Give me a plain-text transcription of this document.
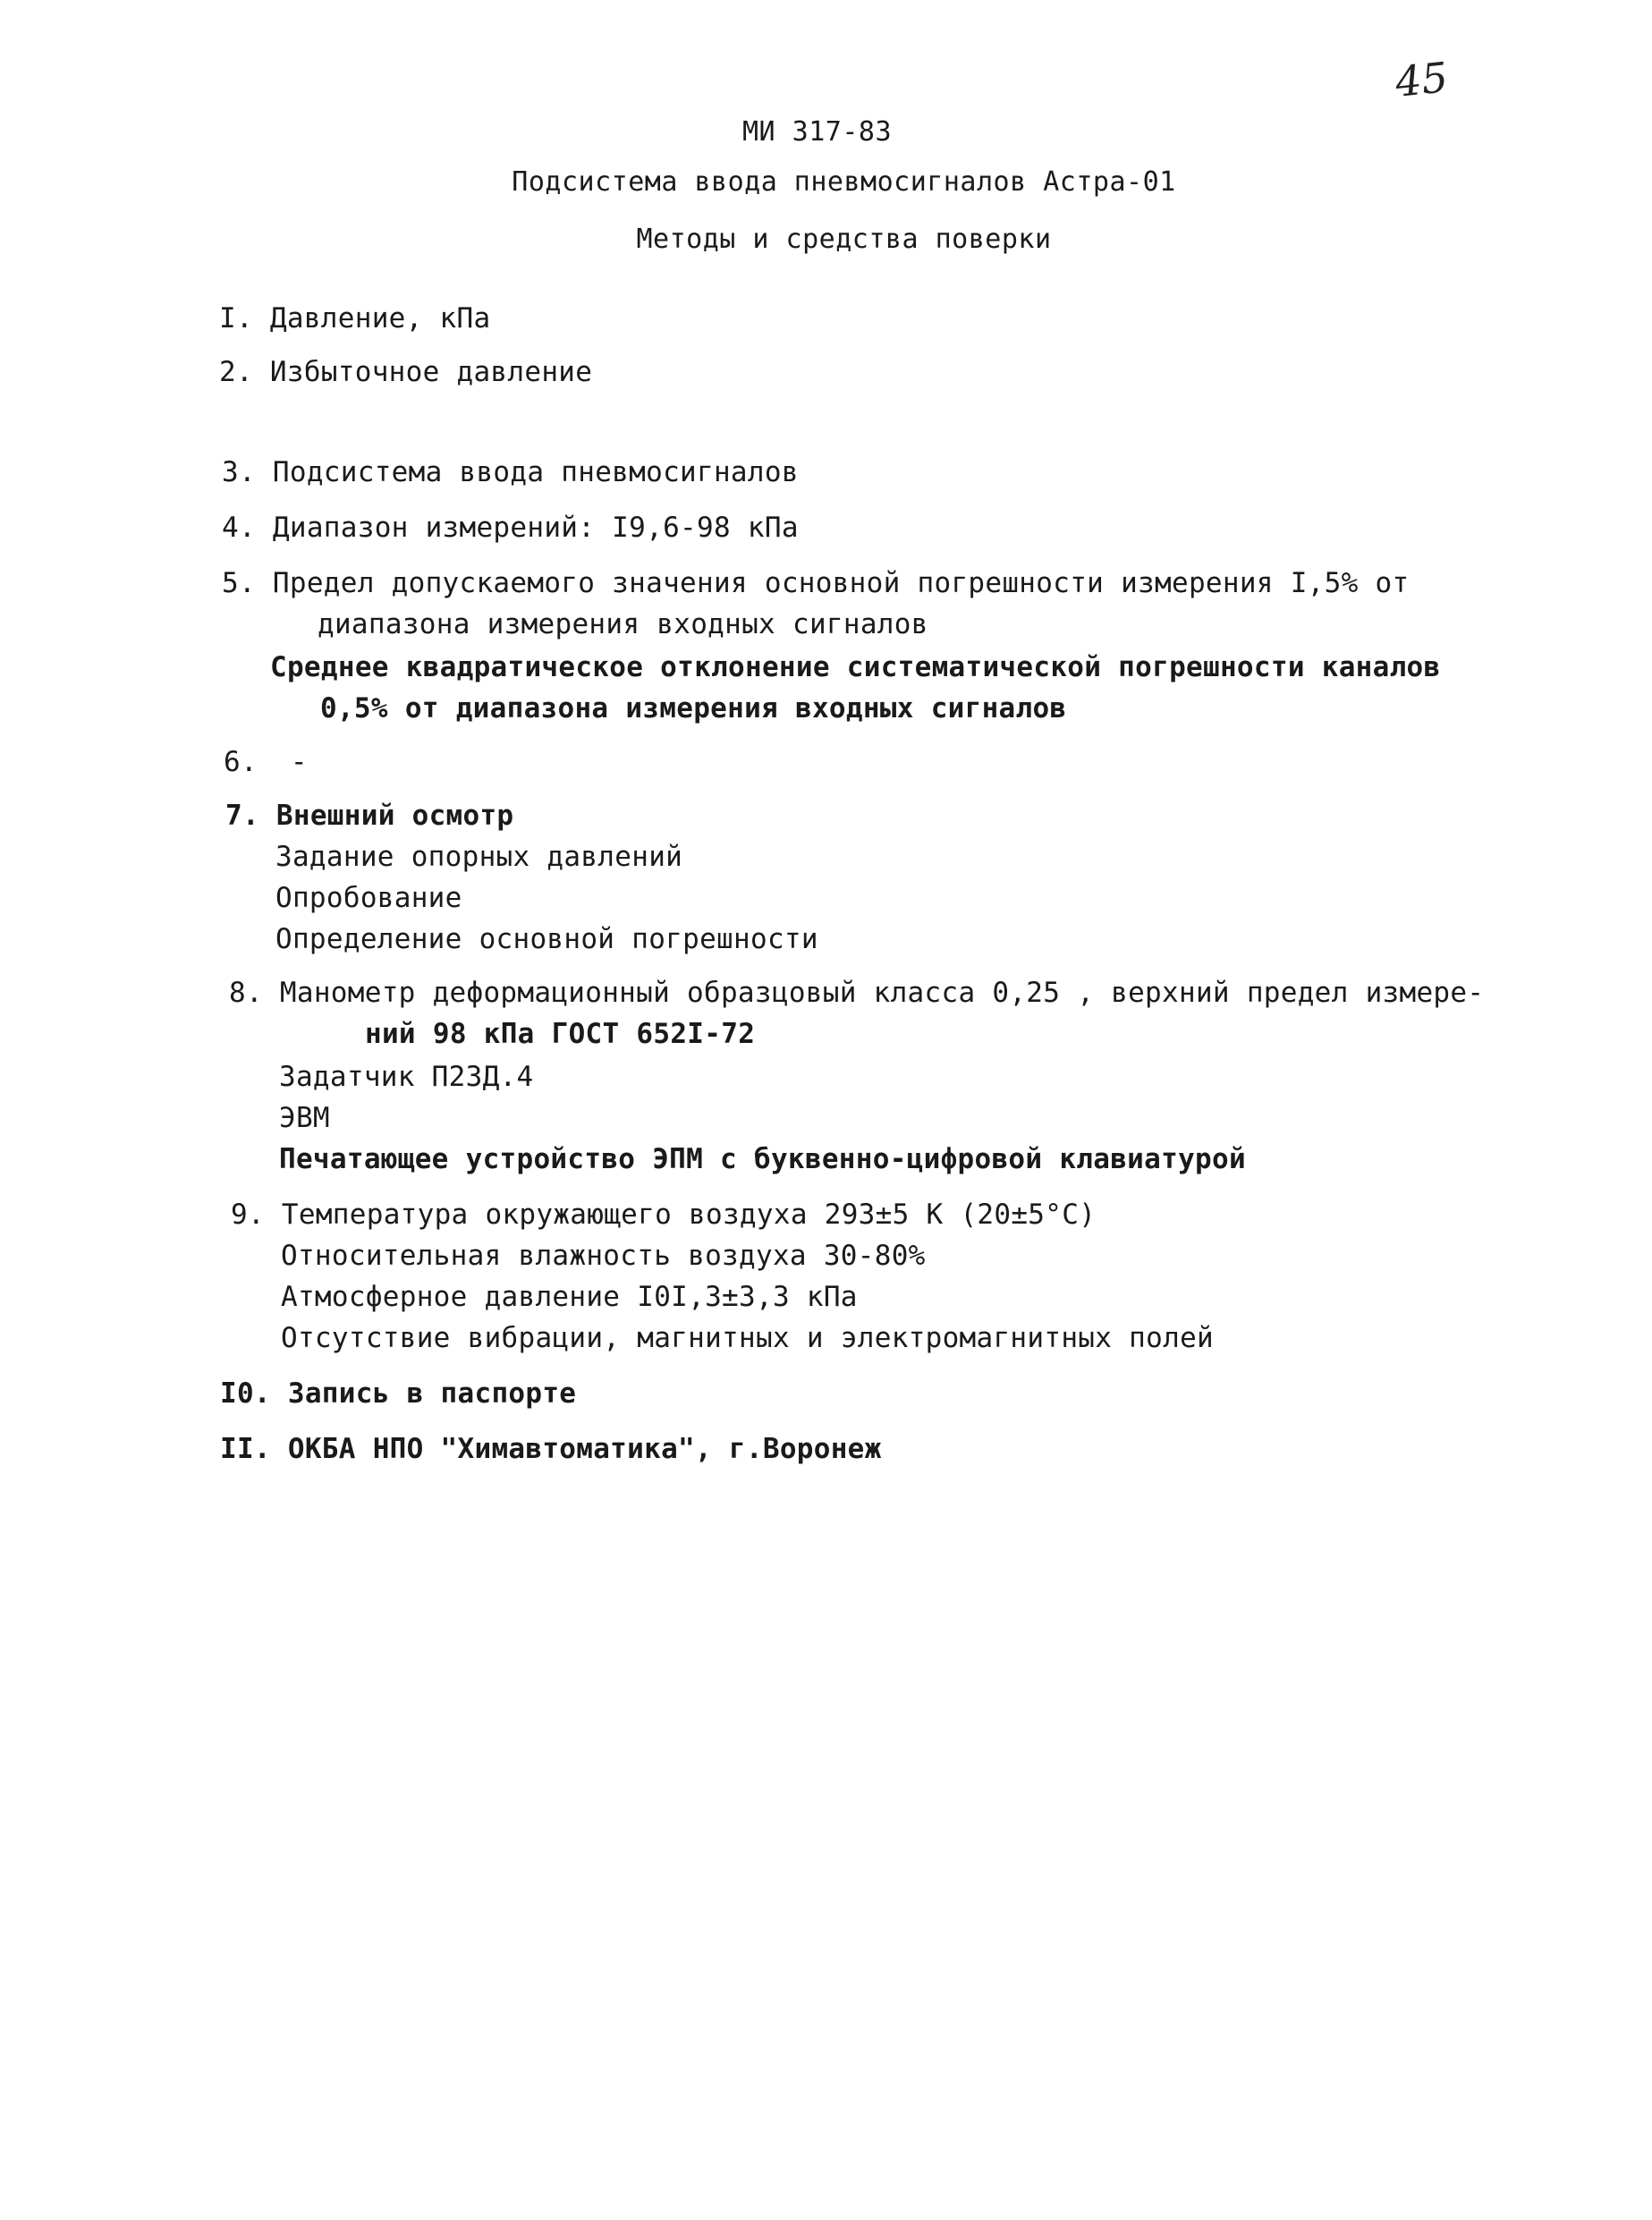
45
МИ 317-83
Подсистема ввода пневмосигналов Астра-01
Методы и средства поверки
I. Давление, кПа
2. Избыточное давление
3. Подсистема ввода пневмосигналов
4. Диапазон измерений: I9,6-98 кПа
5. Предел допускаемого значения основной погрешности измерения I,5% от
диапазона измерения входных сигналов
Среднее квадратическое отклонение систематической погрешности каналов
0,5% от диапазона измерения входных сигналов
6. -
7. Внешний осмотр
Задание опорных давлений
Опробование
Определение основной погрешности
8. Манометр деформационный образцовый класса 0,25 , верхний предел измере-
ний 98 кПа ГОСТ 652I-72
Задатчик П23Д.4
ЭВМ
Печатающее устройство ЭПМ с буквенно-цифровой клавиатурой
9. Температура окружающего воздуха 293±5 К (20±5°С)
Относительная влажность воздуха 30-80%
Атмосферное давление I0I,3±3,3 кПа
Отсутствие вибрации, магнитных и электромагнитных полей
I0. Запись в паспорте
II. ОКБА НПО "Химавтоматика", г.Воронеж
